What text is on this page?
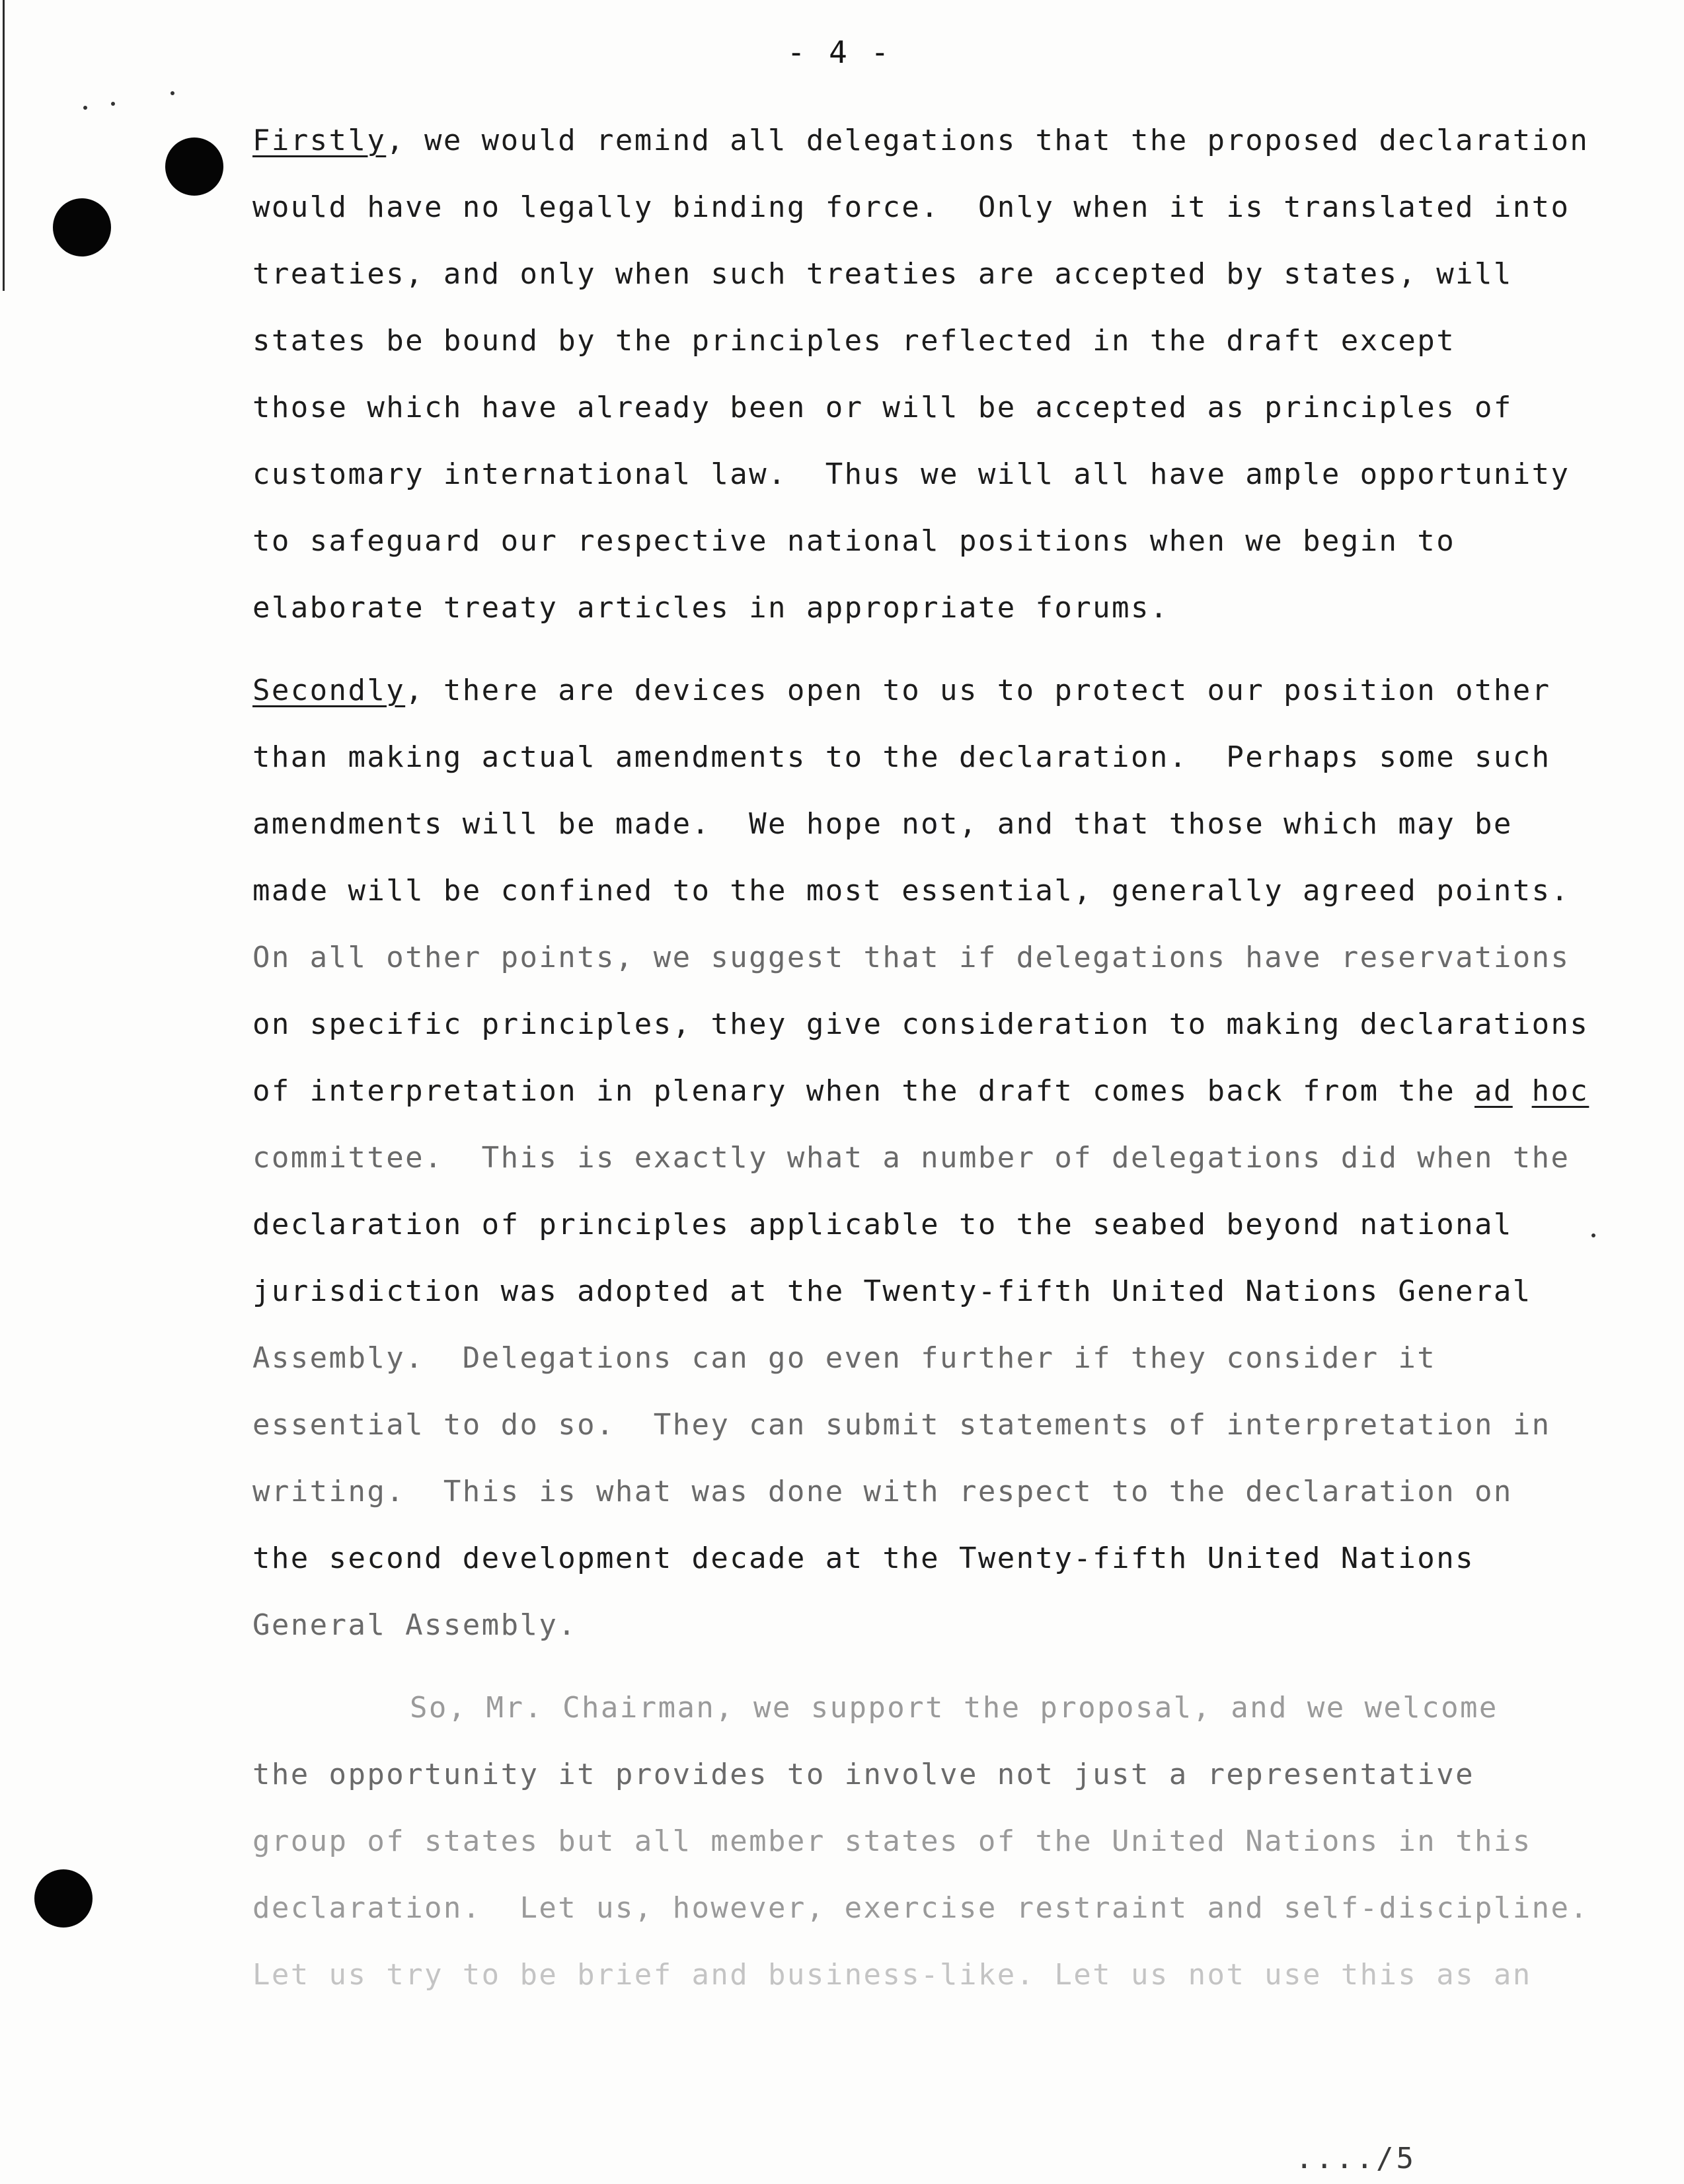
- 4 -
Firstly, we would remind all delegations that the proposed declaration
would have no legally binding force.  Only when it is translated into
treaties, and only when such treaties are accepted by states, will
states be bound by the principles reflected in the draft except
those which have already been or will be accepted as principles of
customary international law.  Thus we will all have ample opportunity
to safeguard our respective national positions when we begin to
elaborate treaty articles in appropriate forums.
Secondly, there are devices open to us to protect our position other
than making actual amendments to the declaration.  Perhaps some such
amendments will be made.  We hope not, and that those which may be
made will be confined to the most essential, generally agreed points.
On all other points, we suggest that if delegations have reservations
on specific principles, they give consideration to making declarations
of interpretation in plenary when the draft comes back from the ad hoc
committee.  This is exactly what a number of delegations did when the
declaration of principles applicable to the seabed beyond national
jurisdiction was adopted at the Twenty-fifth United Nations General
Assembly.  Delegations can go even further if they consider it
essential to do so.  They can submit statements of interpretation in
writing.  This is what was done with respect to the declaration on
the second development decade at the Twenty-fifth United Nations
General Assembly.
So, Mr. Chairman, we support the proposal, and we welcome
the opportunity it provides to involve not just a representative
group of states but all member states of the United Nations in this
declaration.  Let us, however, exercise restraint and self-discipline.
Let us try to be brief and business-like. Let us not use this as an
..../5
